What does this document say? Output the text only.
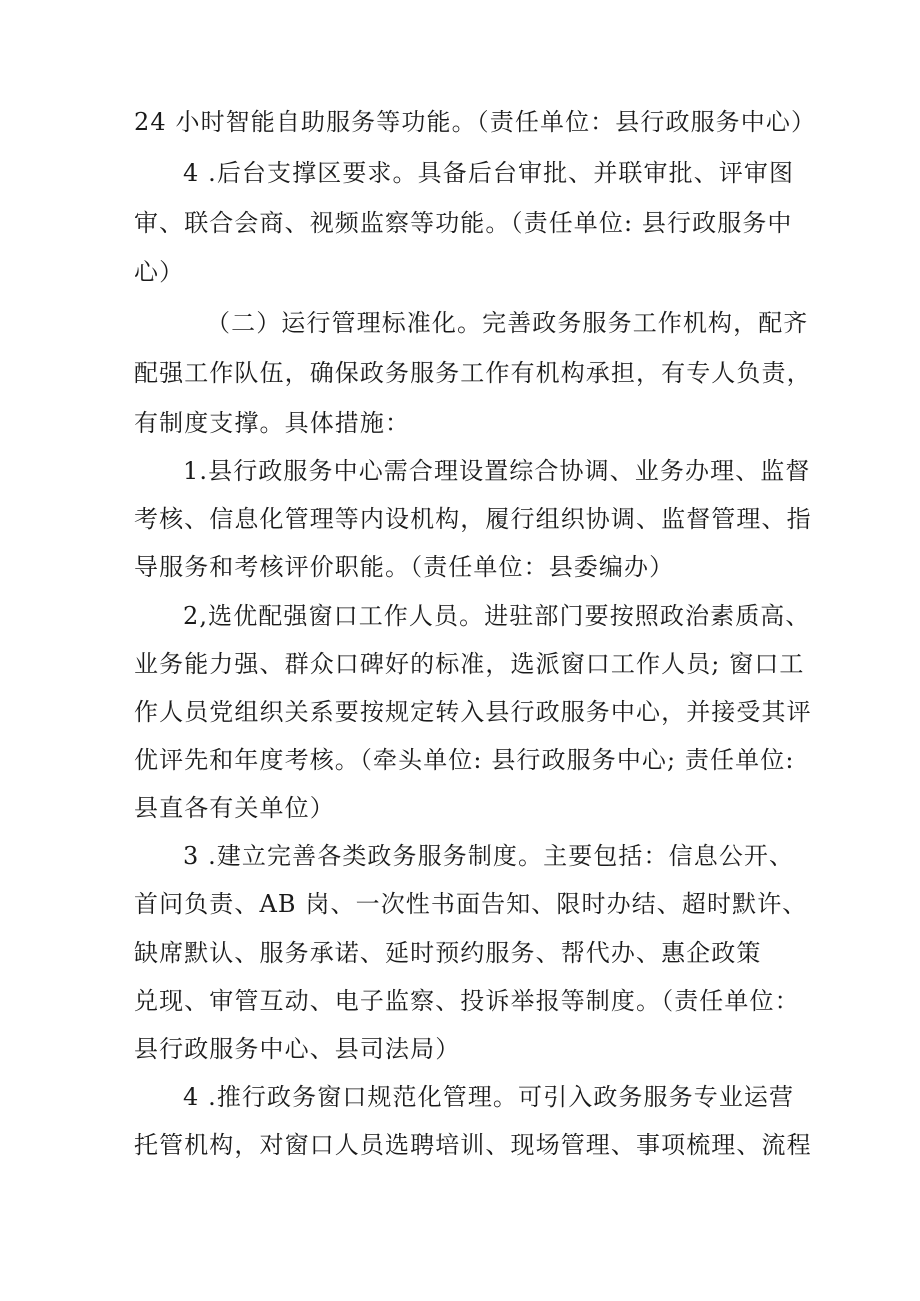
24 小时智能自助服务等功能。（责任单位：县行政服务中心）
4 .后台支撑区要求。具备后台审批、并联审批、评审图
审、联合会商、视频监察等功能。（责任单位: 县行政服务中
心）
（二）运行管理标准化。完善政务服务工作机构，配齐
配强工作队伍，确保政务服务工作有机构承担，有专人负责，
有制度支撑。具体措施：
1.县行政服务中心需合理设置综合协调、业务办理、监督
考核、信息化管理等内设机构，履行组织协调、监督管理、指
导服务和考核评价职能。（责任单位：县委编办）
2,选优配强窗口工作人员。进驻部门要按照政治素质高、
业务能力强、群众口碑好的标准，选派窗口工作人员; 窗口工
作人员党组织关系要按规定转入县行政服务中心，并接受其评
优评先和年度考核。（牵头单位: 县行政服务中心; 责任单位:
县直各有关单位）
3 .建立完善各类政务服务制度。主要包括：信息公开、
首问负责、AB 岗、一次性书面告知、限时办结、超时默许、
缺席默认、服务承诺、延时预约服务、帮代办、惠企政策
兑现、审管互动、电子监察、投诉举报等制度。（责任单位：
县行政服务中心、县司法局）
4 .推行政务窗口规范化管理。可引入政务服务专业运营
托管机构，对窗口人员选聘培训、现场管理、事项梳理、流程
